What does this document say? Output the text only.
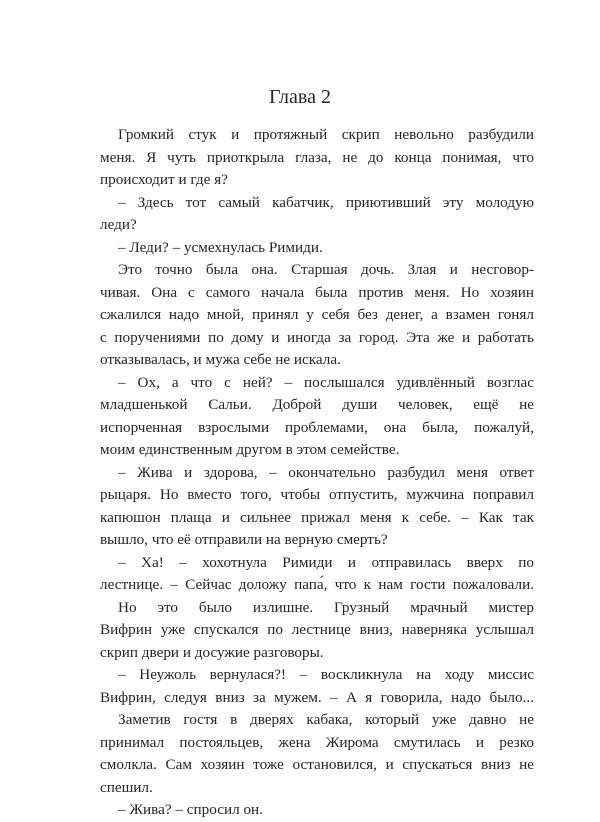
Глава 2
Громкий стук и протяжный скрип невольно разбудили
меня. Я чуть приоткрыла глаза, не до конца понимая, что
происходит и где я?
– Здесь тот самый кабатчик, приютивший эту молодую
леди?
– Леди? – усмехнулась Римиди.
Это точно была она. Старшая дочь. Злая и несговор-
чивая. Она с самого начала была против меня. Но хозяин
сжалился надо мной, принял у себя без денег, а взамен гонял
с поручениями по дому и иногда за город. Эта же и работать
отказывалась, и мужа себе не искала.
– Ох, а что с ней? – послышался удивлённый возглас
младшенькой Сальи. Доброй души человек, ещё не
испорченная взрослыми проблемами, она была, пожалуй,
моим единственным другом в этом семействе.
– Жива и здорова, – окончательно разбудил меня ответ
рыцаря. Но вместо того, чтобы отпустить, мужчина поправил
капюшон плаща и сильнее прижал меня к себе. – Как так
вышло, что её отправили на верную смерть?
– Ха! – хохотнула Римиди и отправилась вверх по
лестнице. – Сейчас доложу папа́, что к нам гости пожаловали.
Но это было излишне. Грузный мрачный мистер
Вифрин уже спускался по лестнице вниз, наверняка услышал
скрип двери и досужие разговоры.
– Неужоль вернулася?! – воскликнула на ходу миссис
Вифрин, следуя вниз за мужем. – А я говорила, надо было...
Заметив гостя в дверях кабака, который уже давно не
принимал постояльцев, жена Жирома смутилась и резко
смолкла. Сам хозяин тоже остановился, и спускаться вниз не
спешил.
– Жива? – спросил он.
